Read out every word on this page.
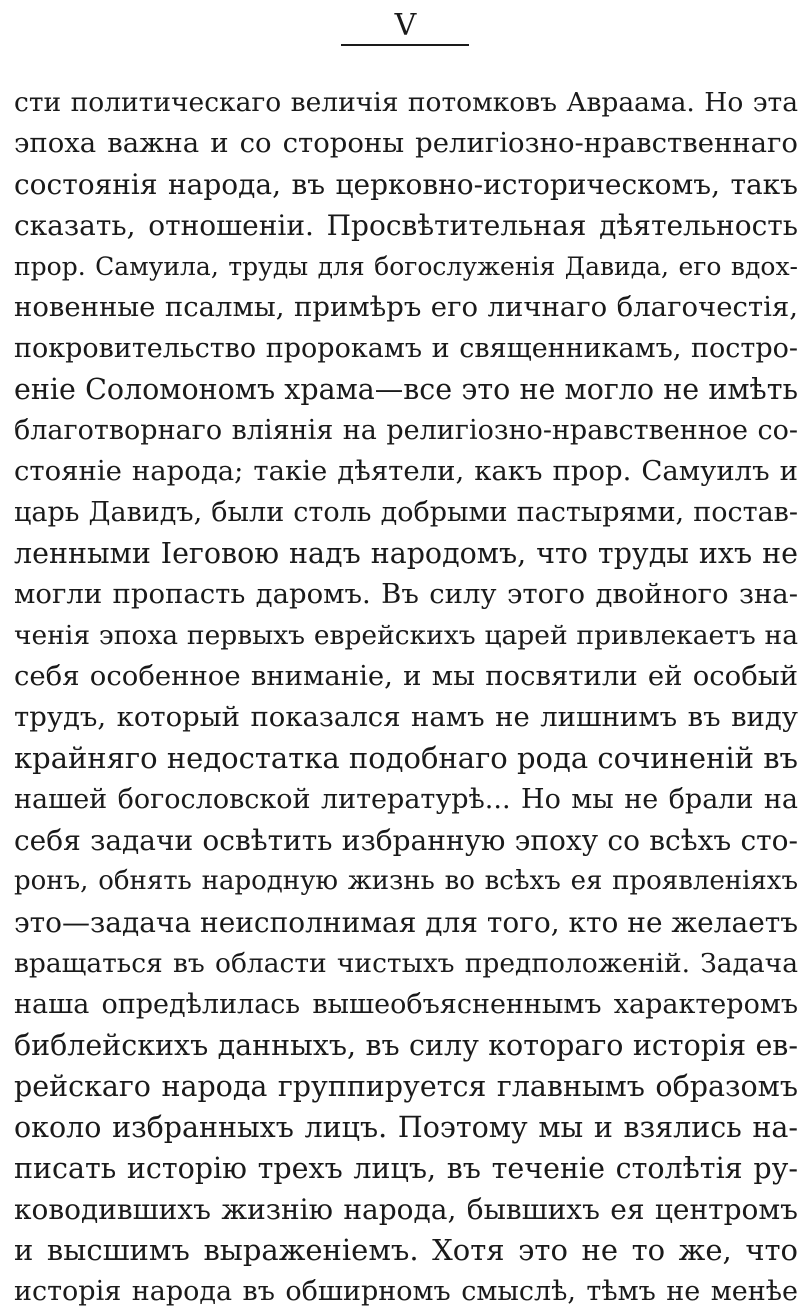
V
сти политическаго величія потомковъ Авраама. Но эта
эпоха важна и со стороны религіозно-нравственнаго
состоянія народа, въ церковно-историческомъ, такъ
сказать, отношеніи. Просвѣтительная дѣятельность
прор. Самуила, труды для богослуженія Давида, его вдох-
новенные псалмы, примѣръ его личнаго благочестія,
покровительство пророкамъ и священникамъ, постро-
еніе Соломономъ храма—все это не могло не имѣть
благотворнаго вліянія на религіозно-нравственное со-
стояніе народа; такіе дѣятели, какъ прор. Самуилъ и
царь Давидъ, были столь добрыми пастырями, постав-
ленными Іеговою надъ народомъ, что труды ихъ не
могли пропасть даромъ. Въ силу этого двойного зна-
ченія эпоха первыхъ еврейскихъ царей привлекаетъ на
себя особенное вниманіе, и мы посвятили ей особый
трудъ, который показался намъ не лишнимъ въ виду
крайняго недостатка подобнаго рода сочиненій въ
нашей богословской литературѣ... Но мы не брали на
себя задачи освѣтить избранную эпоху со всѣхъ сто-
ронъ, обнять народную жизнь во всѣхъ ея проявленіяхъ
это—задача неисполнимая для того, кто не желаетъ
вращаться въ области чистыхъ предположеній. Задача
наша опредѣлилась вышеобъясненнымъ характеромъ
библейскихъ данныхъ, въ силу котораго исторія ев-
рейскаго народа группируется главнымъ образомъ
около избранныхъ лицъ. Поэтому мы и взялись на-
писать исторію трехъ лицъ, въ теченіе столѣтія ру-
ководившихъ жизнію народа, бывшихъ ея центромъ
и высшимъ выраженіемъ. Хотя это не то же, что
исторія народа въ обширномъ смыслѣ, тѣмъ не менѣе
